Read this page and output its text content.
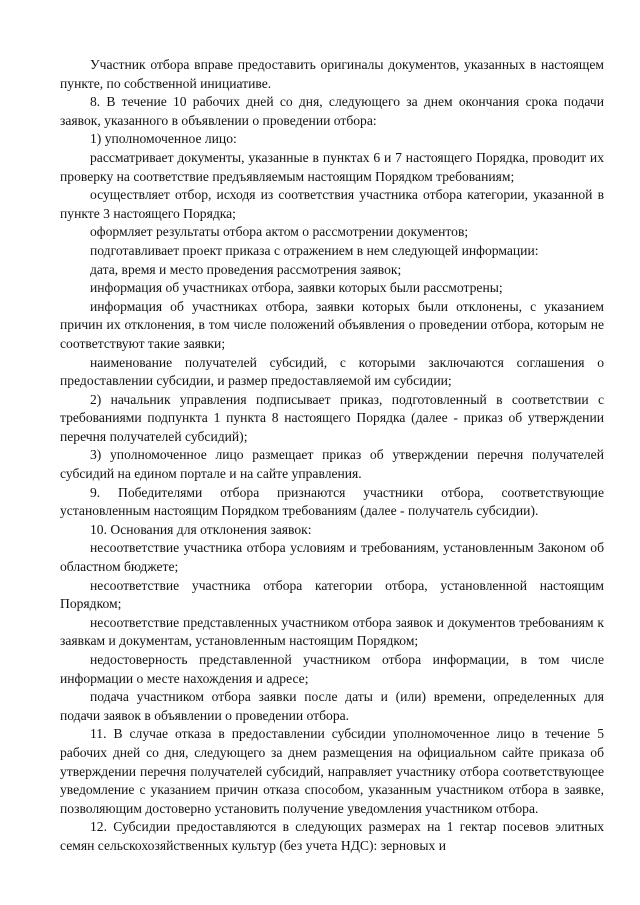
Участник отбора вправе предоставить оригиналы документов, указанных в настоящем пункте, по собственной инициативе.

8. В течение 10 рабочих дней со дня, следующего за днем окончания срока подачи заявок, указанного в объявлении о проведении отбора:

1) уполномоченное лицо:

рассматривает документы, указанные в пунктах 6 и 7 настоящего Порядка, проводит их проверку на соответствие предъявляемым настоящим Порядком требованиям;

осуществляет отбор, исходя из соответствия участника отбора категории, указанной в пункте 3 настоящего Порядка;

оформляет результаты отбора актом о рассмотрении документов;

подготавливает проект приказа с отражением в нем следующей информации:

дата, время и место проведения рассмотрения заявок;

информация об участниках отбора, заявки которых были рассмотрены;

информация об участниках отбора, заявки которых были отклонены, с указанием причин их отклонения, в том числе положений объявления о проведении отбора, которым не соответствуют такие заявки;

наименование получателей субсидий, с которыми заключаются соглашения о предоставлении субсидии, и размер предоставляемой им субсидии;

2) начальник управления подписывает приказ, подготовленный в соответствии с требованиями подпункта 1 пункта 8 настоящего Порядка (далее - приказ об утверждении перечня получателей субсидий);

3) уполномоченное лицо размещает приказ об утверждении перечня получателей субсидий на едином портале и на сайте управления.

9. Победителями отбора признаются участники отбора, соответствующие установленным настоящим Порядком требованиям (далее - получатель субсидии).

10. Основания для отклонения заявок:

несоответствие участника отбора условиям и требованиям, установленным Законом об областном бюджете;

несоответствие участника отбора категории отбора, установленной настоящим Порядком;

несоответствие представленных участником отбора заявок и документов требованиям к заявкам и документам, установленным настоящим Порядком;

недостоверность представленной участником отбора информации, в том числе информации о месте нахождения и адресе;

подача участником отбора заявки после даты и (или) времени, определенных для подачи заявок в объявлении о проведении отбора.

11. В случае отказа в предоставлении субсидии уполномоченное лицо в течение 5 рабочих дней со дня, следующего за днем размещения на официальном сайте приказа об утверждении перечня получателей субсидий, направляет участнику отбора соответствующее уведомление с указанием причин отказа способом, указанным участником отбора в заявке, позволяющим достоверно установить получение уведомления участником отбора.

12. Субсидии предоставляются в следующих размерах на 1 гектар посевов элитных семян сельскохозяйственных культур (без учета НДС): зерновых и
